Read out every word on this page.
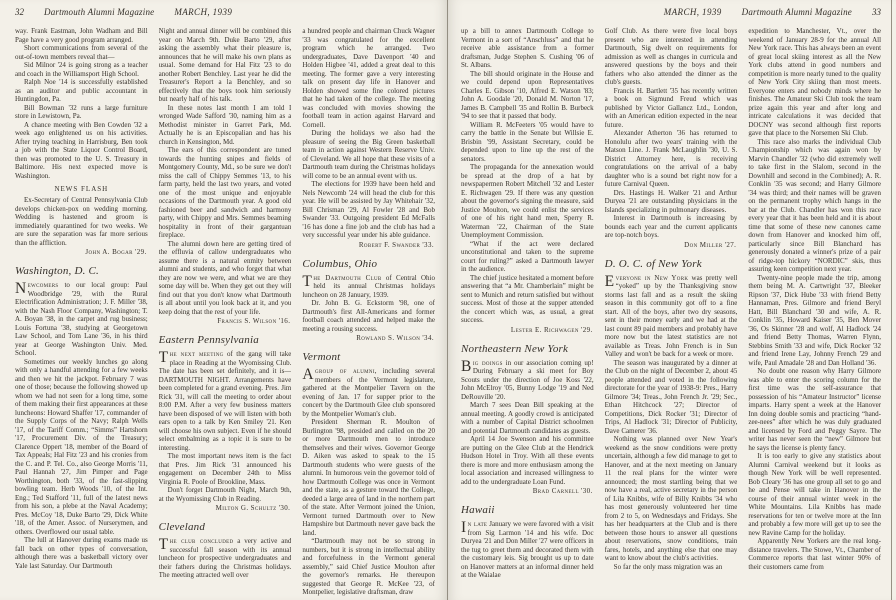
32 Dartmouth Alumni Magazine MARCH, 1939

way. Frank Eastman, John Wadham and Bill Page have a very good program arranged.

Short communications from several of the out-of-town members reveal that—

Sid Milnor '24 is going strong as a teacher and coach in the Williamsport High School.

Ralph Noe '14 is successfully established as an auditor and public accountant in Huntingdon, Pa.

Bill Bowman '32 runs a large furniture store in Lewistown, Pa.

A chance meeting with Ben Cowden '32 a week ago enlightened us on his activities. After trying teaching in Harrisburg, Ben took a job with the State Liquor Control Board, then was promoted to the U. S. Treasury in Baltimore. His next expected move is Washington.

NEWS FLASH

Ex-Secretary of Central Pennsylvania Club develops chicken-pox on wedding morning. Wedding is hastened and groom is immediately quarantined for two weeks. We are sure the separation was far more serious than the affliction.

John A. Bogar '29.
Washington, D. C.

Newcomers to our local group: Paul Woodbridge '29, with the Rural Electrification Administration; J. F. Miller '38, with the Nash Floor Company, Washington; T. A. Boyan '38, in the carpet and rug business; Louis Fortuna '38, studying at Georgetown Law School, and Tom Lane '36, in his third year at George Washington Univ. Med. School.

Sometimes our weekly lunches go along with only a handful attending for a few weeks and then we hit the jackpot. February 7 was one of those; because the following showed up whom we had not seen for a long time, some of them making their first appearances at these luncheons: Howard Shaffer '17, commander of the Supply Corps of the Navy; Ralph Wells '17, of the Tariff Comm.; “Simms” Hartshorn '17, Procurement Div. of the Treasury; Clarence Oppert '18, member of the Board of Tax Appeals; Hal Fitz '23 and his cronies from the C. and P. Tel. Co., also George Morris '11, Paul Hannah '27, Jim Pimper and Page Worthington, both '33, of the fast-slipping bowling team. Herb Woods '10, of the Int. Eng.; Ted Stafford '11, full of the latest news from his son, a plebe at the Naval Academy; Pres. McCoy '18, Duke Barto '29, Dick White '18, of the Amer. Assoc. of Nurserymen, and others. Overflowed our usual table.

The lull at Hanover during exams made us fall back on other types of conversation, although there was a basketball victory over Yale last Saturday. Our Dartmouth

Night and annual dinner will be combined this year on March 9th. Duke Barto '29, after asking the assembly what their pleasure is, announces that he will make his own plans as usual. Some demand for Hal Fitz '23 to do another Robert Benchley. Last year he did the Treasurer's Report a la Benchley, and so effectively that the boys took him seriously but nearly half of his talk.

In these notes last month I am told I wronged Wade Safford '30, naming him as a Methodist minister in Garret Park, Md. Actually he is an Episcopalian and has his church in Kensington, Md.

The ears of this correspondent are tuned towards the hunting snipes and fields of Montgomery County, Md., so be sure we don't miss the call of Chippy Semmes '13, to his farm party, held the last two years, and voted one of the most unique and enjoyable occasions of the Dartmouth year. A good old fashioned beer and sandwich and harmony party, with Chippy and Mrs. Semmes beaming hospitality in front of their gargantuan fireplace.

The alumni down here are getting tired of the effluvia of callow undergraduates who assume there is a natural enmity between alumni and students, and who forget that what they are now we were, and what we are they some day will be. When they get out they will find out that you don't know what Dartmouth is all about until you look back at it, and you keep doing that the rest of your life.

Francis S. Wilson '16.
Eastern Pennsylvania

The next meeting of the gang will take place in Reading at the Wyomissing Club. The date has been set definitely, and it is—DARTMOUTH NIGHT. Arrangements have been completed for a grand evening. Pres. Jim Rick '31, will call the meeting to order about 8:00 P.M. After a very few business matters have been disposed of we will listen with both ears open to a talk by Ken Smiley '21. Ken will choose his own subject. Even if he should select embalming as a topic it is sure to be interesting.

The most important news item is the fact that Pres. Jim Rick '31 announced his engagement on December 24th to Miss Virginia R. Poole of Brookline, Mass.

Don't forget Dartmouth Night, March 9th, at the Wyomissing Club in Reading.

Milton G. Schultz '30.
Cleveland

The club concluded a very active and successful fall season with its annual luncheon for prospective undergraduates and their fathers during the Christmas holidays. The meeting attracted well over

a hundred people and chairman Chuck Wagner '33 was congratulated for the excellent program which he arranged. Two undergraduates, Dave Davenport '40 and Holden Higbee '41, added a great deal to this meeting. The former gave a very interesting talk on present day life in Hanover and Holden showed some fine colored pictures that he had taken of the college. The meeting was concluded with movies showing the football team in action against Harvard and Cornell.

During the holidays we also had the pleasure of seeing the Big Green basketball team in action against Western Reserve Univ. of Cleveland. We all hope that these visits of a Dartmouth team during the Christmas holidays will come to be an annual event with us.

The elections for 1939 have been held and Nels Newcomb '24 will head the club for this year. He will be assisted by Jay Whitehair '32, Bill Chrisman '29, Al Fowler '28 and Bob Swander '33. Outgoing president Ed McFalls '16 has done a fine job and the club has had a very successful year under his able guidance.

Robert F. Swander '33.
Columbus, Ohio

The Dartmouth Club of Central Ohio held its annual Christmas holidays luncheon on 28 January, 1939.

Dr. John B. G. Eckstorm '98, one of Dartmouth's first All-Americans and former football coach attended and helped make the meeting a rousing success.

Rowland S. Wilson '34.
Vermont

Agroup of alumni, including several members of the Vermont legislature, gathered at the Montpelier Tavern on the evening of Jan. 17 for supper prior to the concert by the Dartmouth Glee club sponsored by the Montpelier Woman's club.

President Sherman R. Moulton of Burlington '98, presided and called on the 20 or more Dartmouth men to introduce themselves and their wives. Governor George D. Aiken was asked to speak to the 15 Dartmouth students who were guests of the alumni. In humorous vein the governor told of how Dartmouth College was once in Vermont and the state, as a gesture toward the College, deeded a large area of land in the northern part of the state. After Vermont joined the Union, Vermont turned Dartmouth over to New Hampshire but Dartmouth never gave back the land.

“Dartmouth may not be so strong in numbers, but it is strong in intellectual ability and forcefulness in the Vermont general assembly,” said Chief Justice Moulton after the governor's remarks. He thereupon suggested that George R. McKee '23, of Montpelier, legislative draftsman, draw

MARCH, 1939 Dartmouth Alumni Magazine 33

up a bill to annex Dartmouth College to Vermont in a sort of “Anschluss” and that he receive able assistance from a former draftsman, Judge Stephen S. Cushing '06 of St. Albans.

The bill should originate in the House and we could depend upon Representatives Charles E. Gibson '10, Alfred E. Watson '83; John A. Goodale '20, Donald M. Norton '17, James B. Campbell '35 and Rollin B. Burbeck '94 to see that it passed that body.

William R. McFeeters '05 would have to carry the battle in the Senate but Willsie E. Brisbin '99, Assistant Secretary, could be depended upon to line up the rest of the senators.

The propaganda for the annexation would be spread at the drop of a hat by newspapermen Robert Mitchell '32 and Lester E. Richwagen '29. If there was any question about the governor's signing the measure, said Justice Moulton, we could enlist the services of one of his right hand men, Sperry R. Waterman '22, Chairman of the State Unemployment Commission.

“What if the act were declared unconstitutional and taken to the supreme court for ruling?” asked a Dartmouth lawyer in the audience.

The chief justice hesitated a moment before answering that “a Mr. Chamberlain” might be sent to Munich and return satisfied but without success. Most of those at the supper attended the concert which was, as usual, a great success.

Lester E. Richwagen '29.
Northeastern New York

Big doings in our association coming up! During February a ski meet for Boy Scouts under the direction of Joe Koss '22, John McElroy '05, Bunny Lodge '19 and Ned DeRouville '20.

March 7 sees Dean Bill speaking at the annual meeting. A goodly crowd is anticipated with a number of Capital District schoolmen and potential Dartmouth candidates as guests.

April 14 Joe Swenson and his committee are putting on the Glee Club at the Hendrick Hudson Hotel in Troy. With all these events there is more and more enthusiasm among the local association and increased willingness to add to the undergraduate Loan Fund.

Brad Carnell '30.
Hawaii

In late January we were favored with a visit from Sig Larmon '14 and his wife. Doc Duryea '21 and Don Miller '27 were officers in the tug to greet them and decorated them with the customary leis. Sig brought us up to date on Hanover matters at an informal dinner held at the Waialae

Golf Club. As there were five local boys present who are interested in attending Dartmouth, Sig dwelt on requirements for admission as well as changes in curricula and answered questions by the boys and their fathers who also attended the dinner as the club's guests.

Francis H. Bartlett '35 has recently written a book on Sigmund Freud which was published by Victor Gallancz Ltd., London, with an American edition expected in the near future.

Alexander Atherton '36 has returned to Honolulu after two years' training with the Matson Line. J. Frank McLaughlin '30, U. S. District Attorney here, is receiving congratulations on the arrival of a baby daughter who is a sound bet right now for a future Carnival Queen.

Drs. Hastings H. Walker '21 and Arthur Duryea '21 are outstanding physicians in the Islands specializing in pulmonary diseases.

Interest in Dartmouth is increasing by bounds each year and the current applicants are top-notch boys.

Don Miller '27.
D. O. C. of New York

Everyone in New York was pretty well “yoked” up by the Thanksgiving snow storms last fall and as a result the skiing season in this community got off to a fine start. All of the boys, after two dry seasons, sent in their money early and we had at the last count 89 paid members and probably have more now but the latest statistics are not available as Treas. John French is in Sun Valley and won't be back for a week or more.

The season was inaugurated by a dinner at the Club on the night of December 2, about 45 people attended and voted in the following directorate for the year of 1938-9: Pres., Harry Gilmore '34; Treas., John French Jr. '29; Sec., Ethan Hitchcock '27; Director of Competitions, Dick Rocker '31; Director of Trips, Al Hadlock '31; Director of Publicity, Dave Camerer '36.

Nothing was planned over New Year's weekend as the snow conditions were pretty uncertain, although a few did manage to get to Hanover, and at the next meeting on January 11 the real plans for the winter were announced; the most startling being that we now have a real, active secretary in the person of Lila Knibbs, wife of Billy Knibbs '34 who has most generously volunteered her time from 2 to 5, on Wednesdays and Fridays. She has her headquarters at the Club and is there between those hours to answer all questions about reservations, snow conditions, train fares, hotels, and anything else that one may want to know about the club's activities.

So far the only mass migration was an

expedition to Manchester, Vt., over the weekend of January 28-9 for the annual All New York race. This has always been an event of great local skiing interest as all the New York clubs attend in good numbers and competition is more nearly tuned to the quality of New York City skiing than most meets. Everyone enters and nobody minds where he finishes. The Amateur Ski Club took the team prize again this year and after long and intricate calculations it was decided that DOCNY was second although first reports gave that place to the Norsemen Ski Club.

This race also marks the individual Club Championship which was again won by Marvin Chandler '32 (who did extremely well to take first in the Slalom, second in the Downhill and second in the Combined); A. R. Conklin '35 was second; and Harry Gilmore '34 was third; and their names will be graven on the permanent trophy which hangs in the bar at the Club. Chandler has won this race every year that it has been held and it is about time that some of these new canones came down from Hanover and knocked him off, particularly since Bill Blanchard has generously donated a winner's prize of a pair of ridge-top hickory “NORDIC” skis, thus assuring keen competition next year.

Twenty-nine people made the trip, among them being M. A. Cartwright '37, Bleeker Ripson '37, Dick Hube '33 with friend Betty Hannaman, Pres. Gilmore and friend Beryl Hatt, Bill Blanchard '30 and wife, A. R. Conklin '35, Howard Kaiser '35, Ben Mover '36, Os Skinner '28 and wolf, Al Hadlock '24 and friend Betty Thomas, Warren Flynn, Stebbins Smith '33 and wife, Dick Rocker '32 and friend Irene Lay, Johnny French '29 and wife, Paul Amadale '28 and Dan Holland '36.

No doubt one reason why Harry Gilmore was able to enter the scoring column for the first time was the self-assurance that possession of his “Amateur Instructor” license imparts. Harry spent a week at the Hanover Inn doing double somis and practicing “hand-zee-nees” after which he was duly graduated and licensed by Ford and Peggy Sayre. The writer has never seen the “new” Gilmore but he says the license is plenty fancy.

It is too early to give any statistics about Alumni Carnival weekend but it looks as though New York will be well represented. Bob Cleary '36 has one group all set to go and he and Pense will take in Hanover in the course of their annual winter week in the White Mountains. Lila Knibbs has made reservations for ten or twelve more at the Inn and probably a few more will get up to see the new Ravine Camp for the holiday.

Apparently New Yorkers are the real long-distance travelers. The Stowe, Vt., Chamber of Commerce reports that last winter 90% of their customers came from
